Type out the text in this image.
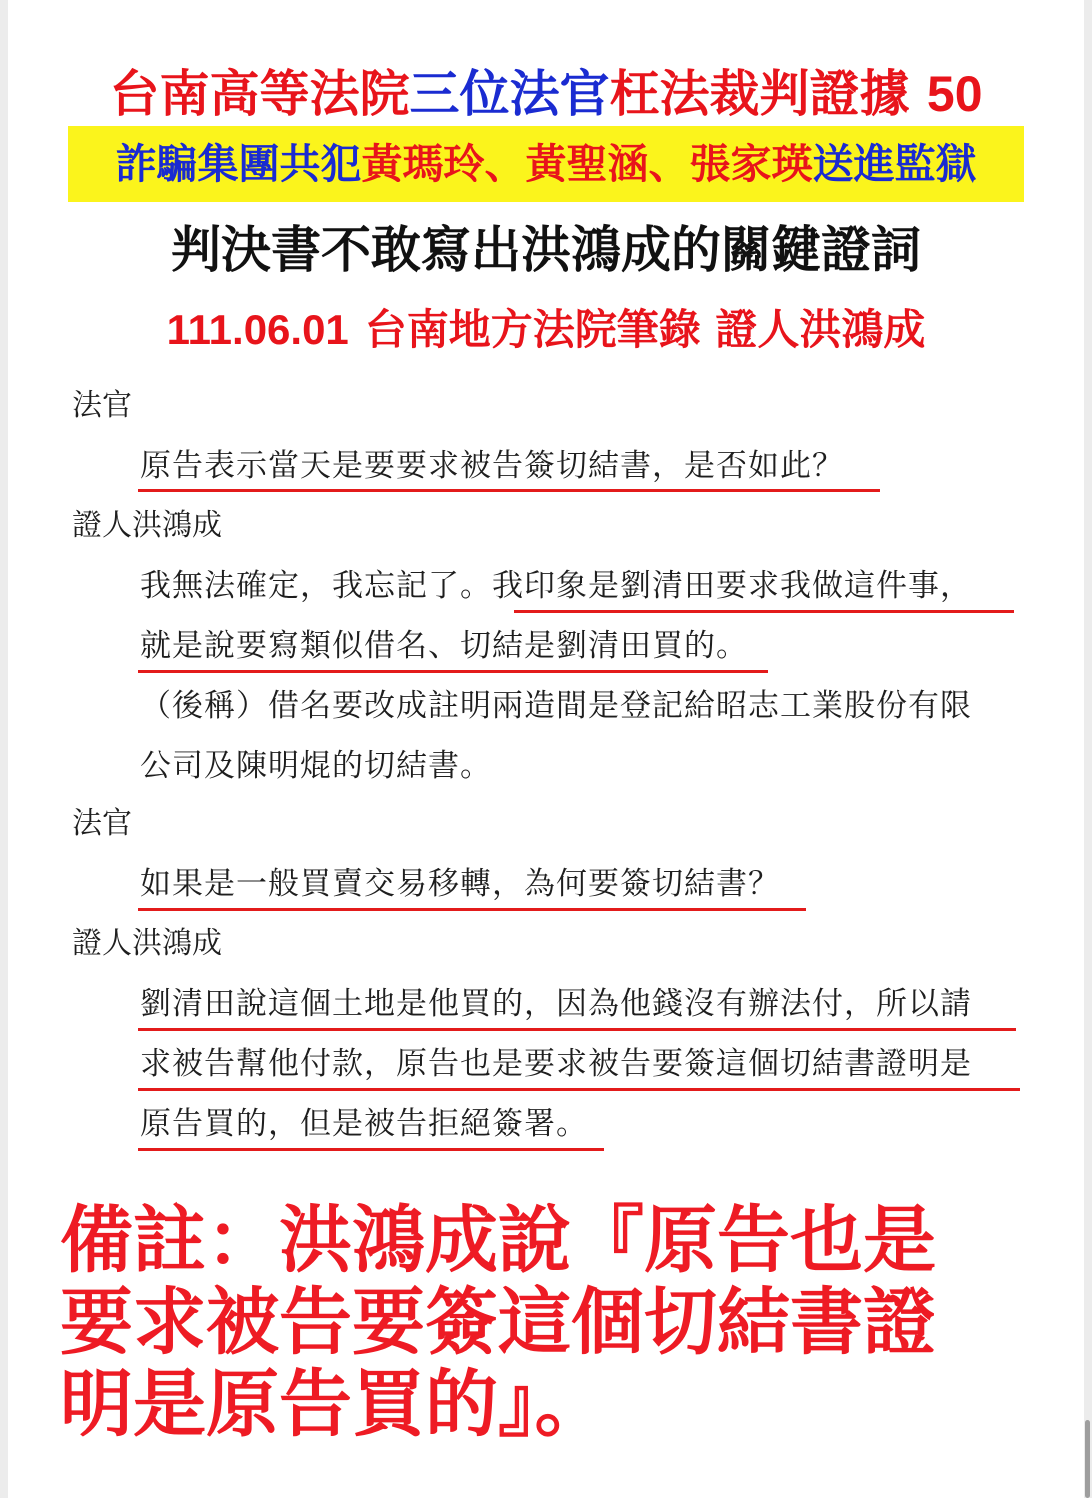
台南高等法院三位法官枉法裁判證據 50
詐騙集團共犯黃瑪玲、黃聖涵、張家瑛送進監獄
判決書不敢寫出洪鴻成的關鍵證詞
111.06.01 台南地方法院筆錄 證人洪鴻成
法官
原告表示當天是要要求被告簽切結書，是否如此？
證人洪鴻成
我無法確定，我忘記了。我印象是劉清田要求我做這件事，
就是說要寫類似借名、切結是劉清田買的。
（後稱）借名要改成註明兩造間是登記給昭志工業股份有限
公司及陳明焜的切結書。
法官
如果是一般買賣交易移轉，為何要簽切結書？
證人洪鴻成
劉清田說這個土地是他買的，因為他錢沒有辦法付，所以請
求被告幫他付款，原告也是要求被告要簽這個切結書證明是
原告買的，但是被告拒絕簽署。
備註：洪鴻成說『原告也是
要求被告要簽這個切結書證
明是原告買的』。
